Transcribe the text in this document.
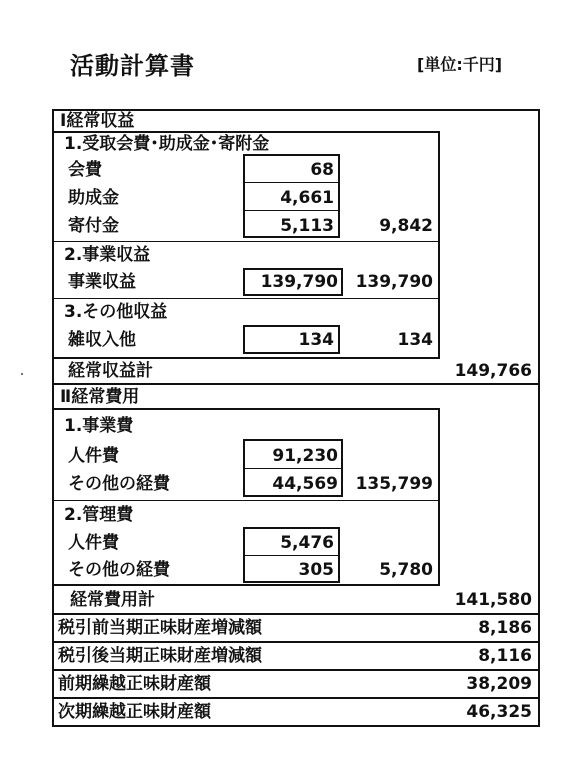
活動計算書	[単位:千円]
Ⅰ経常収益
1.受取会費･助成金･寄附金
会費	68
助成金	4,661
寄付金	5,113	9,842
2.事業収益
事業収益	139,790	139,790
3.その他収益
雑収入他	134	134
経常収益計	149,766
Ⅱ経常費用
1.事業費
人件費	91,230
その他の経費	44,569	135,799
2.管理費
人件費	5,476
その他の経費	305	5,780
経常費用計	141,580
税引前当期正味財産増減額	8,186
税引後当期正味財産増減額	8,116
前期繰越正味財産額	38,209
次期繰越正味財産額	46,325
